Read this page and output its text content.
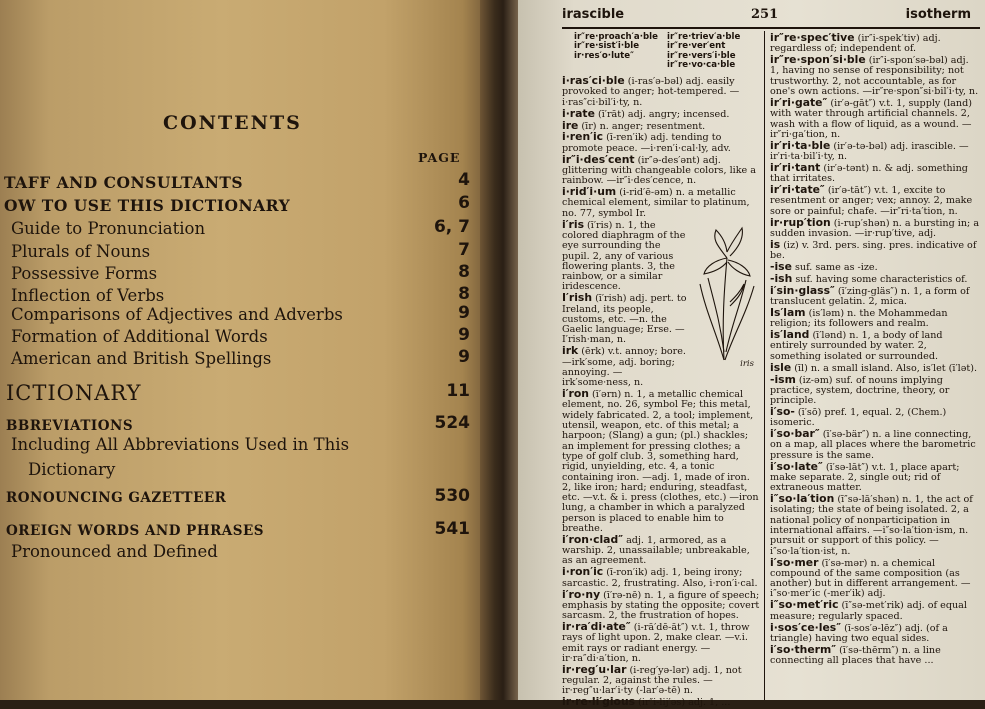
CONTENTS
PAGE
TAFF AND CONSULTANTS	4
OW TO USE THIS DICTIONARY	6
Guide to Pronunciation	6, 7
Plurals of Nouns	7
Possessive Forms	8
Inflection of Verbs	8
Comparisons of Adjectives and Adverbs	9
Formation of Additional Words	9
American and British Spellings	9
ICTIONARY	11
BBREVIATIONS	524
Including All Abbreviations Used in This
Dictionary
RONOUNCING GAZETTEER	530
OREIGN WORDS AND PHRASES	541
Pronounced and Defined
irascible	251	isotherm
ir″re·proach′a·ble	ir″re·triev′a·ble
ir″re·sist′i·ble	ir″re·ver′ent
ir·res′o·lute″	ir″re·vers′i·ble
ir″re·vo·ca·ble
i·ras′ci·ble (i-ras′ə-bəl) adj. easily provoked to anger; hot-tempered. —i·ras″ci·bil′i·ty, n.
i·rate (ī′rāt) adj. angry; incensed.
ire (īr) n. anger; resentment.
i·ren′ic (ī-ren′ik) adj. tending to promote peace. —i·ren′i·cal·ly, adv.
ir″i·des′cent (ir″ə-des′ənt) adj. glittering with changeable colors, like a rainbow. —ir″i·des′cence, n.
i·rid′i·um (i-rid′ē-əm) n. a metallic chemical element, similar to platinum, no. 77, symbol Ir.
iris
i′ris (ī′ris) n. 1, the colored diaphragm of the eye surrounding the pupil. 2, any of various flowering plants. 3, the rainbow, or a similar iridescence.
I′rish (ī′rish) adj. pert. to Ireland, its people, customs, etc. —n. the Gaelic language; Erse. —I′rish·man, n.
irk (ērk) v.t. annoy; bore. —irk′some, adj. boring; annoying. —irk′some·ness, n.
i′ron (ī′ərn) n. 1, a metallic chemical element, no. 26, symbol Fe; this metal, widely fabricated. 2, a tool; implement, utensil, weapon, etc. of this metal; a harpoon; (Slang) a gun; (pl.) shackles; an implement for pressing clothes; a type of golf club. 3, something hard, rigid, unyielding, etc. 4, a tonic containing iron. —adj. 1, made of iron. 2, like iron; hard; enduring, steadfast, etc. —v.t. & i. press (clothes, etc.) —iron lung, a chamber in which a paralyzed person is placed to enable him to breathe.
i′ron·clad″ adj. 1, armored, as a warship. 2, unassailable; unbreakable, as an agreement.
i·ron′ic (ī-ron′ik) adj. 1, being irony; sarcastic. 2, frustrating. Also, i·ron′i·cal.
i′ro·ny (ī′rə-nē) n. 1, a figure of speech; emphasis by stating the opposite; covert sarcasm. 2, the frustration of hopes.
ir·ra′di·ate″ (i-rā′dē-āt″) v.t. 1, throw rays of light upon. 2, make clear. —v.i. emit rays or radiant energy. —ir·ra″di·a′tion, n.
ir·reg′u·lar (i-reg′yə-lər) adj. 1, not regular. 2, against the rules. —ir·reg″u·lar′i·ty (-lar′ə-tē) n.
ir·re·li′gious (ir″i-lij′əs) adj. 1, ...
ir″re·spec′tive (ir″i-spek′tiv) adj. regardless of; independent of.
ir″re·spon′si·ble (ir″i-spon′sə-bəl) adj. 1, having no sense of responsibility; not trustworthy. 2, not accountable, as for one's own actions. —ir″re·spon″si·bil′i·ty, n.
ir′ri·gate″ (ir′ə-gāt″) v.t. 1, supply (land) with water through artificial channels. 2, wash with a flow of liquid, as a wound. —ir″ri·ga′tion, n.
ir′ri·ta·ble (ir′ə-tə-bəl) adj. irascible. —ir′ri·ta·bil′i·ty, n.
ir′ri·tant (ir′ə-tənt) n. & adj. something that irritates.
ir′ri·tate″ (ir′ə-tāt″) v.t. 1, excite to resentment or anger; vex; annoy. 2, make sore or painful; chafe. —ir″ri·ta′tion, n.
ir·rup′tion (i-rup′shən) n. a bursting in; a sudden invasion. —ir·rup′tive, adj.
is (iz) v. 3rd. pers. sing. pres. indicative of be.
-ise suf. same as -ize.
-ish suf. having some characteristics of.
i′sin·glass″ (ī′zing-gläs″) n. 1, a form of translucent gelatin. 2, mica.
Is′lam (is′ləm) n. the Mohammedan religion; its followers and realm.
is′land (ī′lənd) n. 1, a body of land entirely surrounded by water. 2, something isolated or surrounded.
isle (īl) n. a small island. Also, is′let (ī′lət).
-ism (iz-əm) suf. of nouns implying practice, system, doctrine, theory, or principle.
i′so- (ī′sō) pref. 1, equal. 2, (Chem.) isomeric.
i′so·bar″ (ī′sə-bär″) n. a line connecting, on a map, all places where the barometric pressure is the same.
i′so·late″ (ī′sə-lāt″) v.t. 1, place apart; make separate. 2, single out; rid of extraneous matter.
i″so·la′tion (ī″sə-lā′shən) n. 1, the act of isolating; the state of being isolated. 2, a national policy of nonparticipation in international affairs. —i″so·la′tion·ism, n. pursuit or support of this policy. —i″so·la′tion·ist, n.
i′so·mer (ī′sə-mər) n. a chemical compound of the same composition (as another) but in different arrangement. —i″so·mer′ic (-mer′ik) adj.
i″so·met′ric (ī″sə-met′rik) adj. of equal measure; regularly spaced.
i·sos′ce·les″ (ī-sos′ə-lēz″) adj. (of a triangle) having two equal sides.
i′so·therm″ (ī′sə-thērm″) n. a line connecting all places that have ...
